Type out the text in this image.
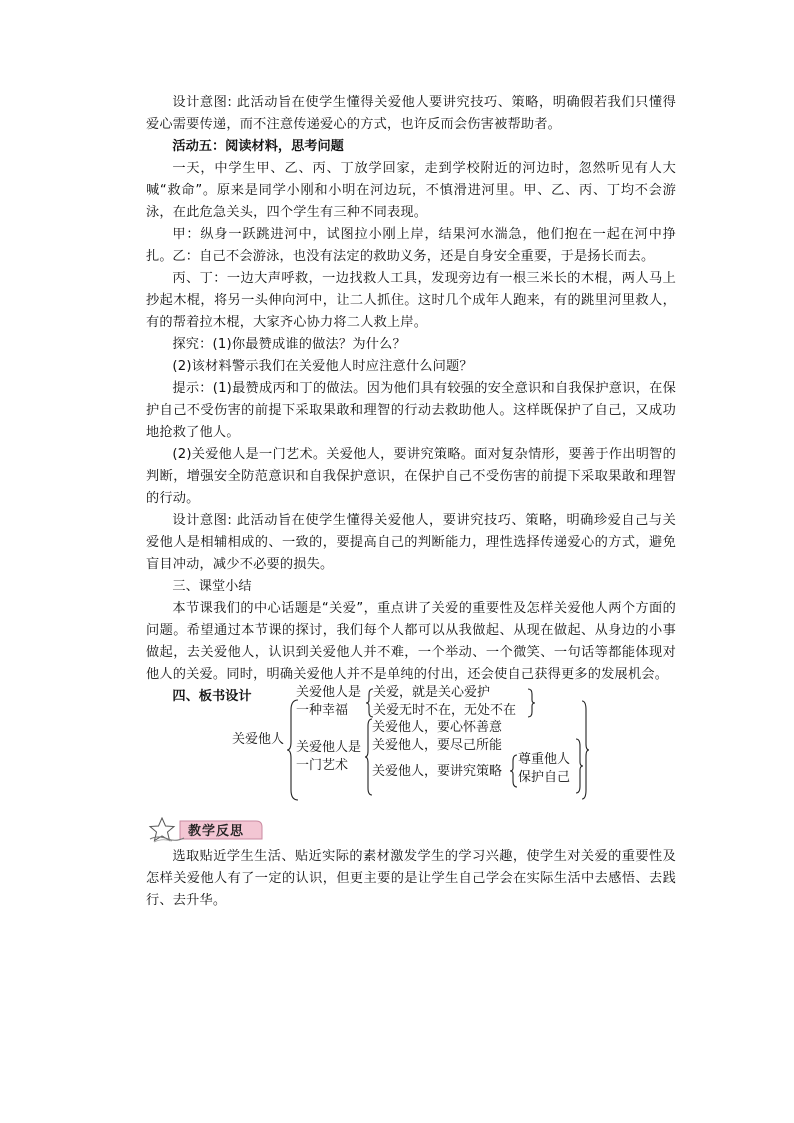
设计意图: 此活动旨在使学生懂得关爱他人要讲究技巧、策略，明确假若我们只懂得爱心需要传递，而不注意传递爱心的方式，也许反而会伤害被帮助者。

活动五：阅读材料，思考问题

一天，中学生甲、乙、丙、丁放学回家，走到学校附近的河边时，忽然听见有人大喊“救命”。原来是同学小刚和小明在河边玩，不慎滑进河里。甲、乙、丙、丁均不会游泳，在此危急关头，四个学生有三种不同表现。

甲：纵身一跃跳进河中，试图拉小刚上岸，结果河水湍急，他们抱在一起在河中挣扎。 乙：自己不会游泳，也没有法定的救助义务，还是自身安全重要，于是扬长而去。

丙、丁：一边大声呼救，一边找救人工具，发现旁边有一根三米长的木棍，两人马上抄起木棍，将另一头伸向河中，让二人抓住。这时几个成年人跑来，有的跳里河里救人，有的帮着拉木棍，大家齐心协力将二人救上岸。

探究：(1)你最赞成谁的做法？为什么？

(2)该材料警示我们在关爱他人时应注意什么问题？

提示：(1)最赞成丙和丁的做法。因为他们具有较强的安全意识和自我保护意识，在保护自己不受伤害的前提下采取果敢和理智的行动去救助他人。这样既保护了自己，又成功地抢救了他人。

(2)关爱他人是一门艺术。关爱他人，要讲究策略。面对复杂情形，要善于作出明智的判断，增强安全防范意识和自我保护意识，在保护自己不受伤害的前提下采取果敢和理智的行动。

设计意图: 此活动旨在使学生懂得关爱他人，要讲究技巧、策略，明确珍爱自己与关爱他人是相辅相成的、一致的，要提高自己的判断能力，理性选择传递爱心的方式，避免盲目冲动，减少不必要的损失。

三、课堂小结

本节课我们的中心话题是“关爱”，重点讲了关爱的重要性及怎样关爱他人两个方面的问题。希望通过本节课的探讨，我们每个人都可以从我做起、从现在做起、从身边的小事做起，去关爱他人，认识到关爱他人并不难，一个举动、一个微笑、一句话等都能体现对他人的关爱。同时，明确关爱他人并不是单纯的付出，还会使自己获得更多的发展机会。

四、板书设计

关爱他人
关爱他人是
一种幸福
关爱，就是关心爱护
关爱无时不在，无处不在
关爱他人是
一门艺术
关爱他人，要心怀善意
关爱他人，要尽己所能
关爱他人，要讲究策略
尊重他人
保护自己
教学反思

选取贴近学生生活、贴近实际的素材激发学生的学习兴趣，使学生对关爱的重要性及怎样关爱他人有了一定的认识，但更主要的是让学生自己学会在实际生活中去感悟、去践行、去升华。
